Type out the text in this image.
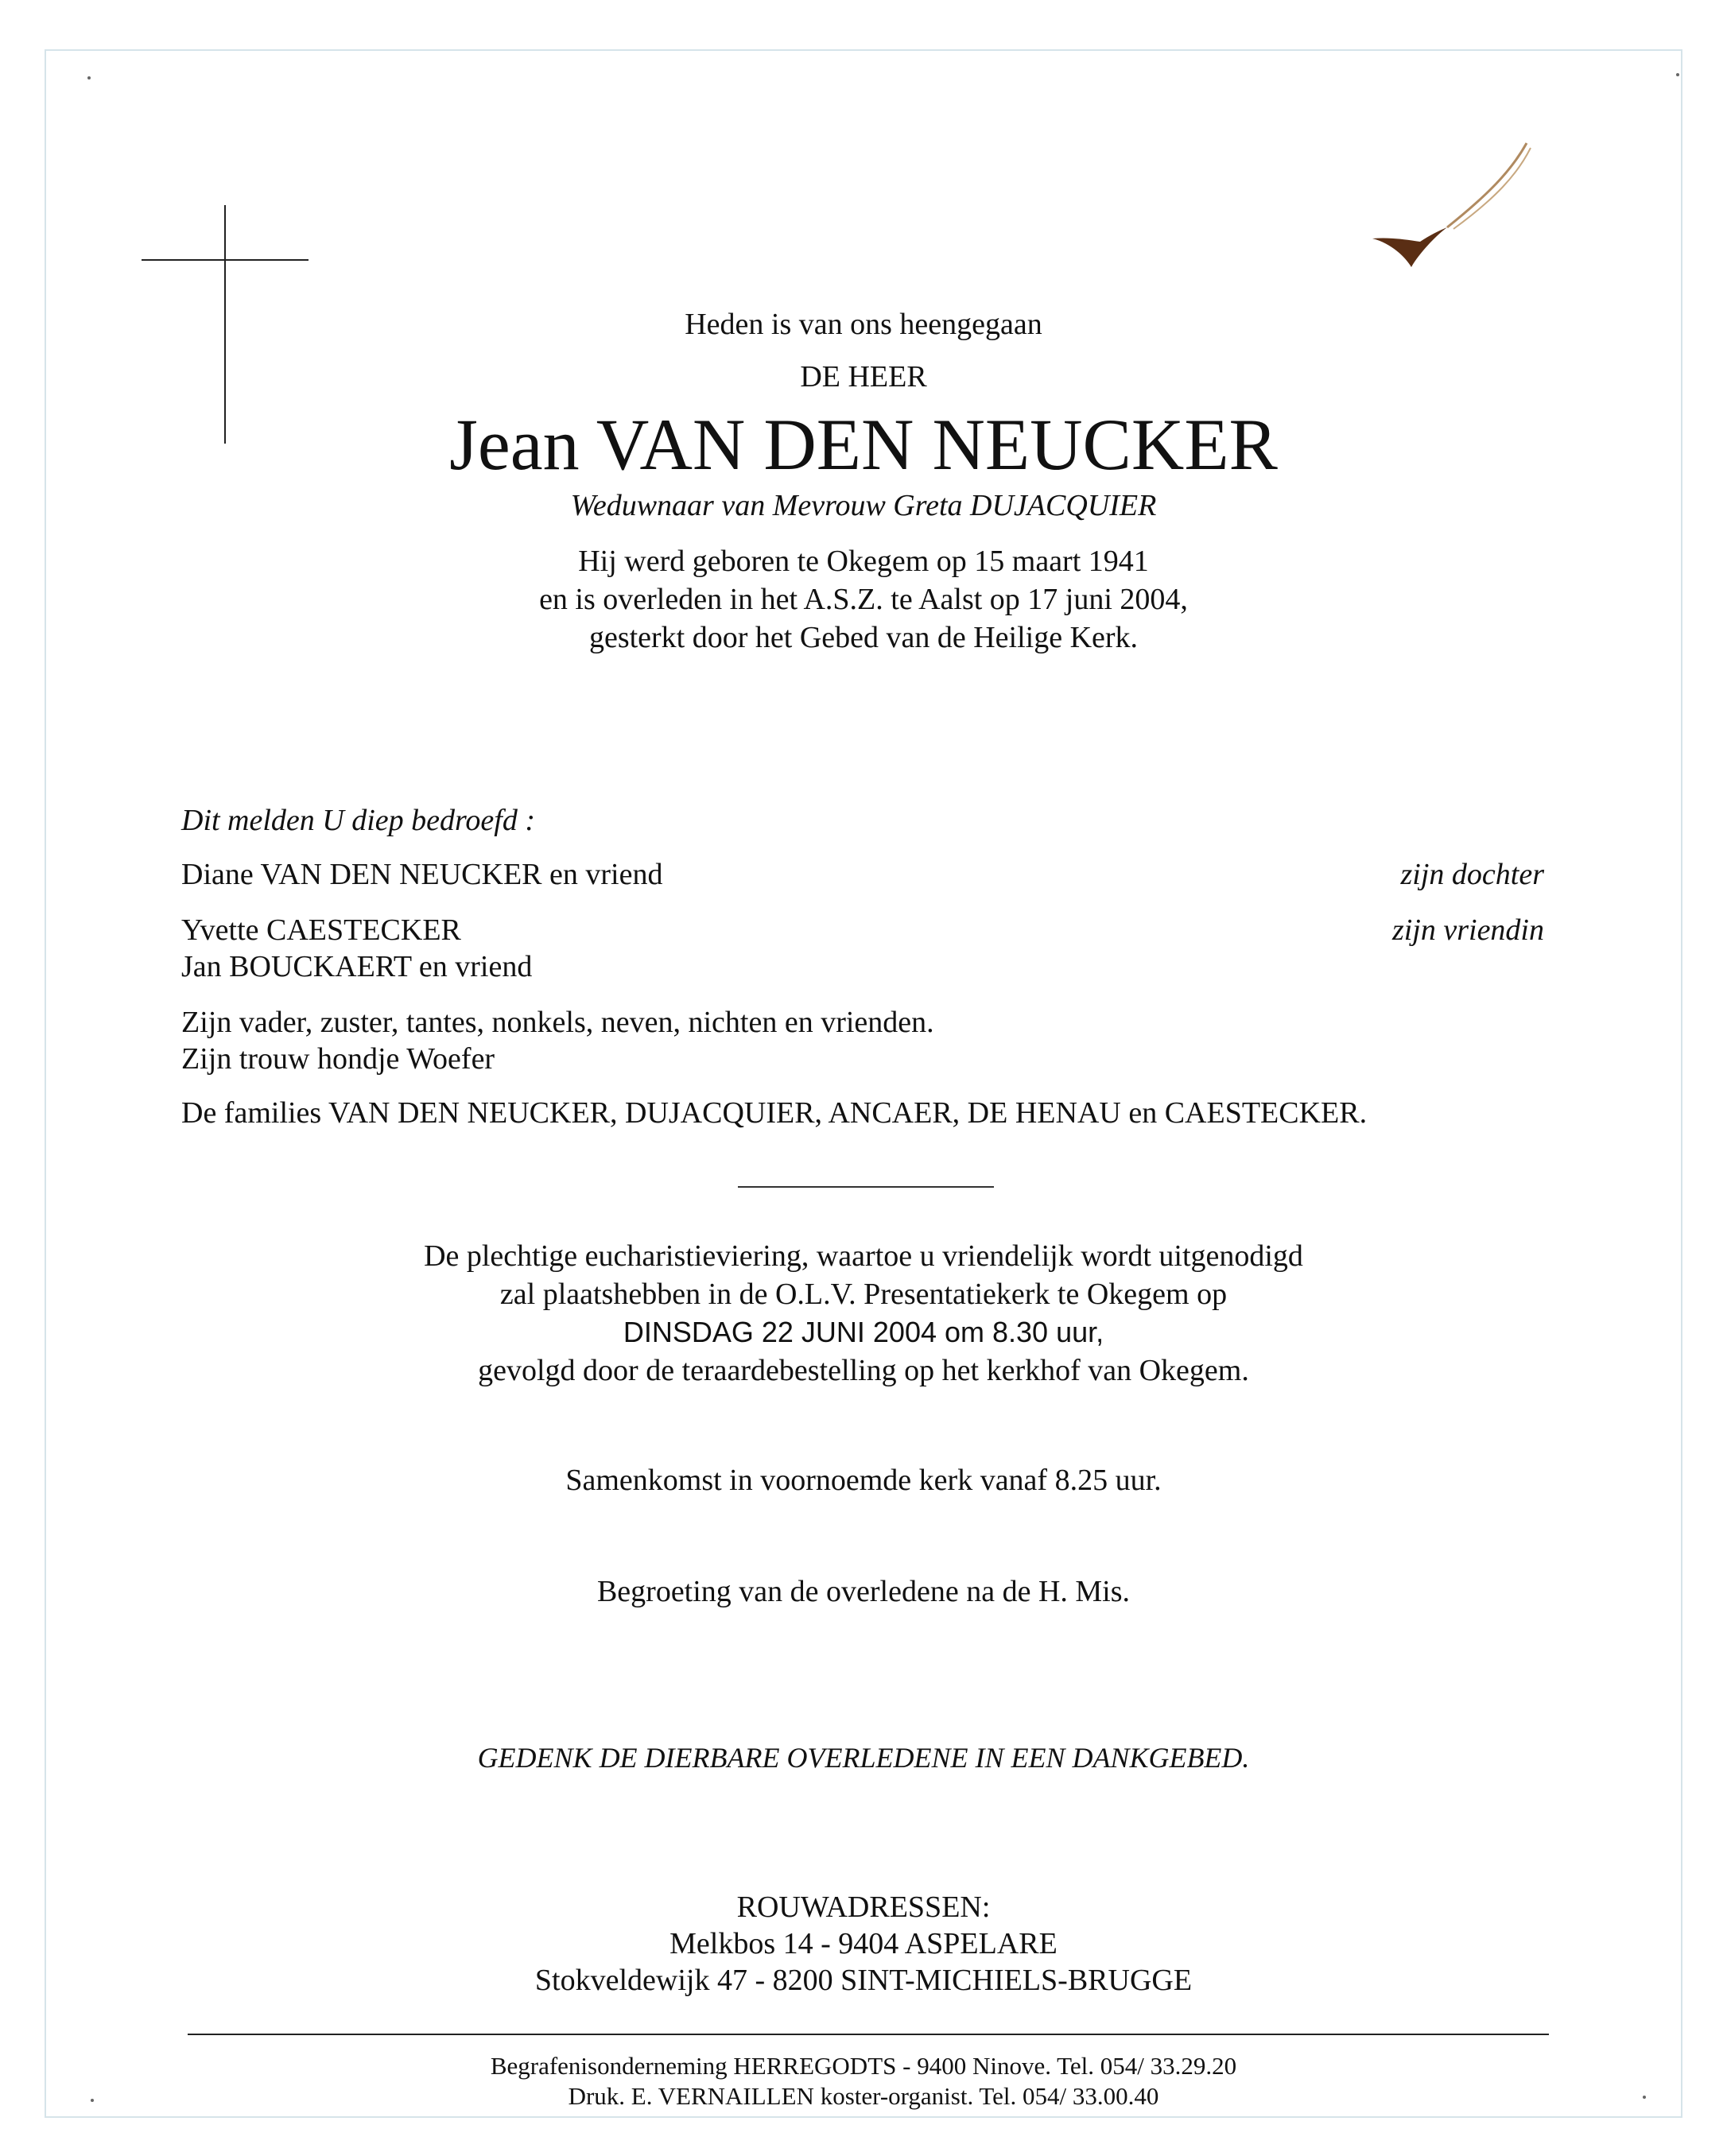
Heden is van ons heengegaan
DE HEER
Jean VAN DEN NEUCKER
Weduwnaar van Mevrouw Greta DUJACQUIER
Hij werd geboren te Okegem op 15 maart 1941
en is overleden in het A.S.Z. te Aalst op 17 juni 2004,
gesterkt door het Gebed van de Heilige Kerk.
Dit melden U diep bedroefd :
Diane VAN DEN NEUCKER en vriend	zijn dochter
Yvette CAESTECKER	zijn vriendin
Jan BOUCKAERT en vriend
Zijn vader, zuster, tantes, nonkels, neven, nichten en vrienden.
Zijn trouw hondje Woefer
De families VAN DEN NEUCKER, DUJACQUIER, ANCAER, DE HENAU en CAESTECKER.
De plechtige eucharistieviering, waartoe u vriendelijk wordt uitgenodigd
zal plaatshebben in de O.L.V. Presentatiekerk te Okegem op
DINSDAG 22 JUNI 2004 om 8.30 uur,
gevolgd door de teraardebestelling op het kerkhof van Okegem.
Samenkomst in voornoemde kerk vanaf 8.25 uur.
Begroeting van de overledene na de H. Mis.
GEDENK DE DIERBARE OVERLEDENE IN EEN DANKGEBED.
ROUWADRESSEN:
Melkbos 14 - 9404 ASPELARE
Stokveldewijk 47 - 8200 SINT-MICHIELS-BRUGGE
Begrafenisonderneming HERREGODTS - 9400 Ninove. Tel. 054/ 33.29.20
Druk. E. VERNAILLEN koster-organist. Tel. 054/ 33.00.40
